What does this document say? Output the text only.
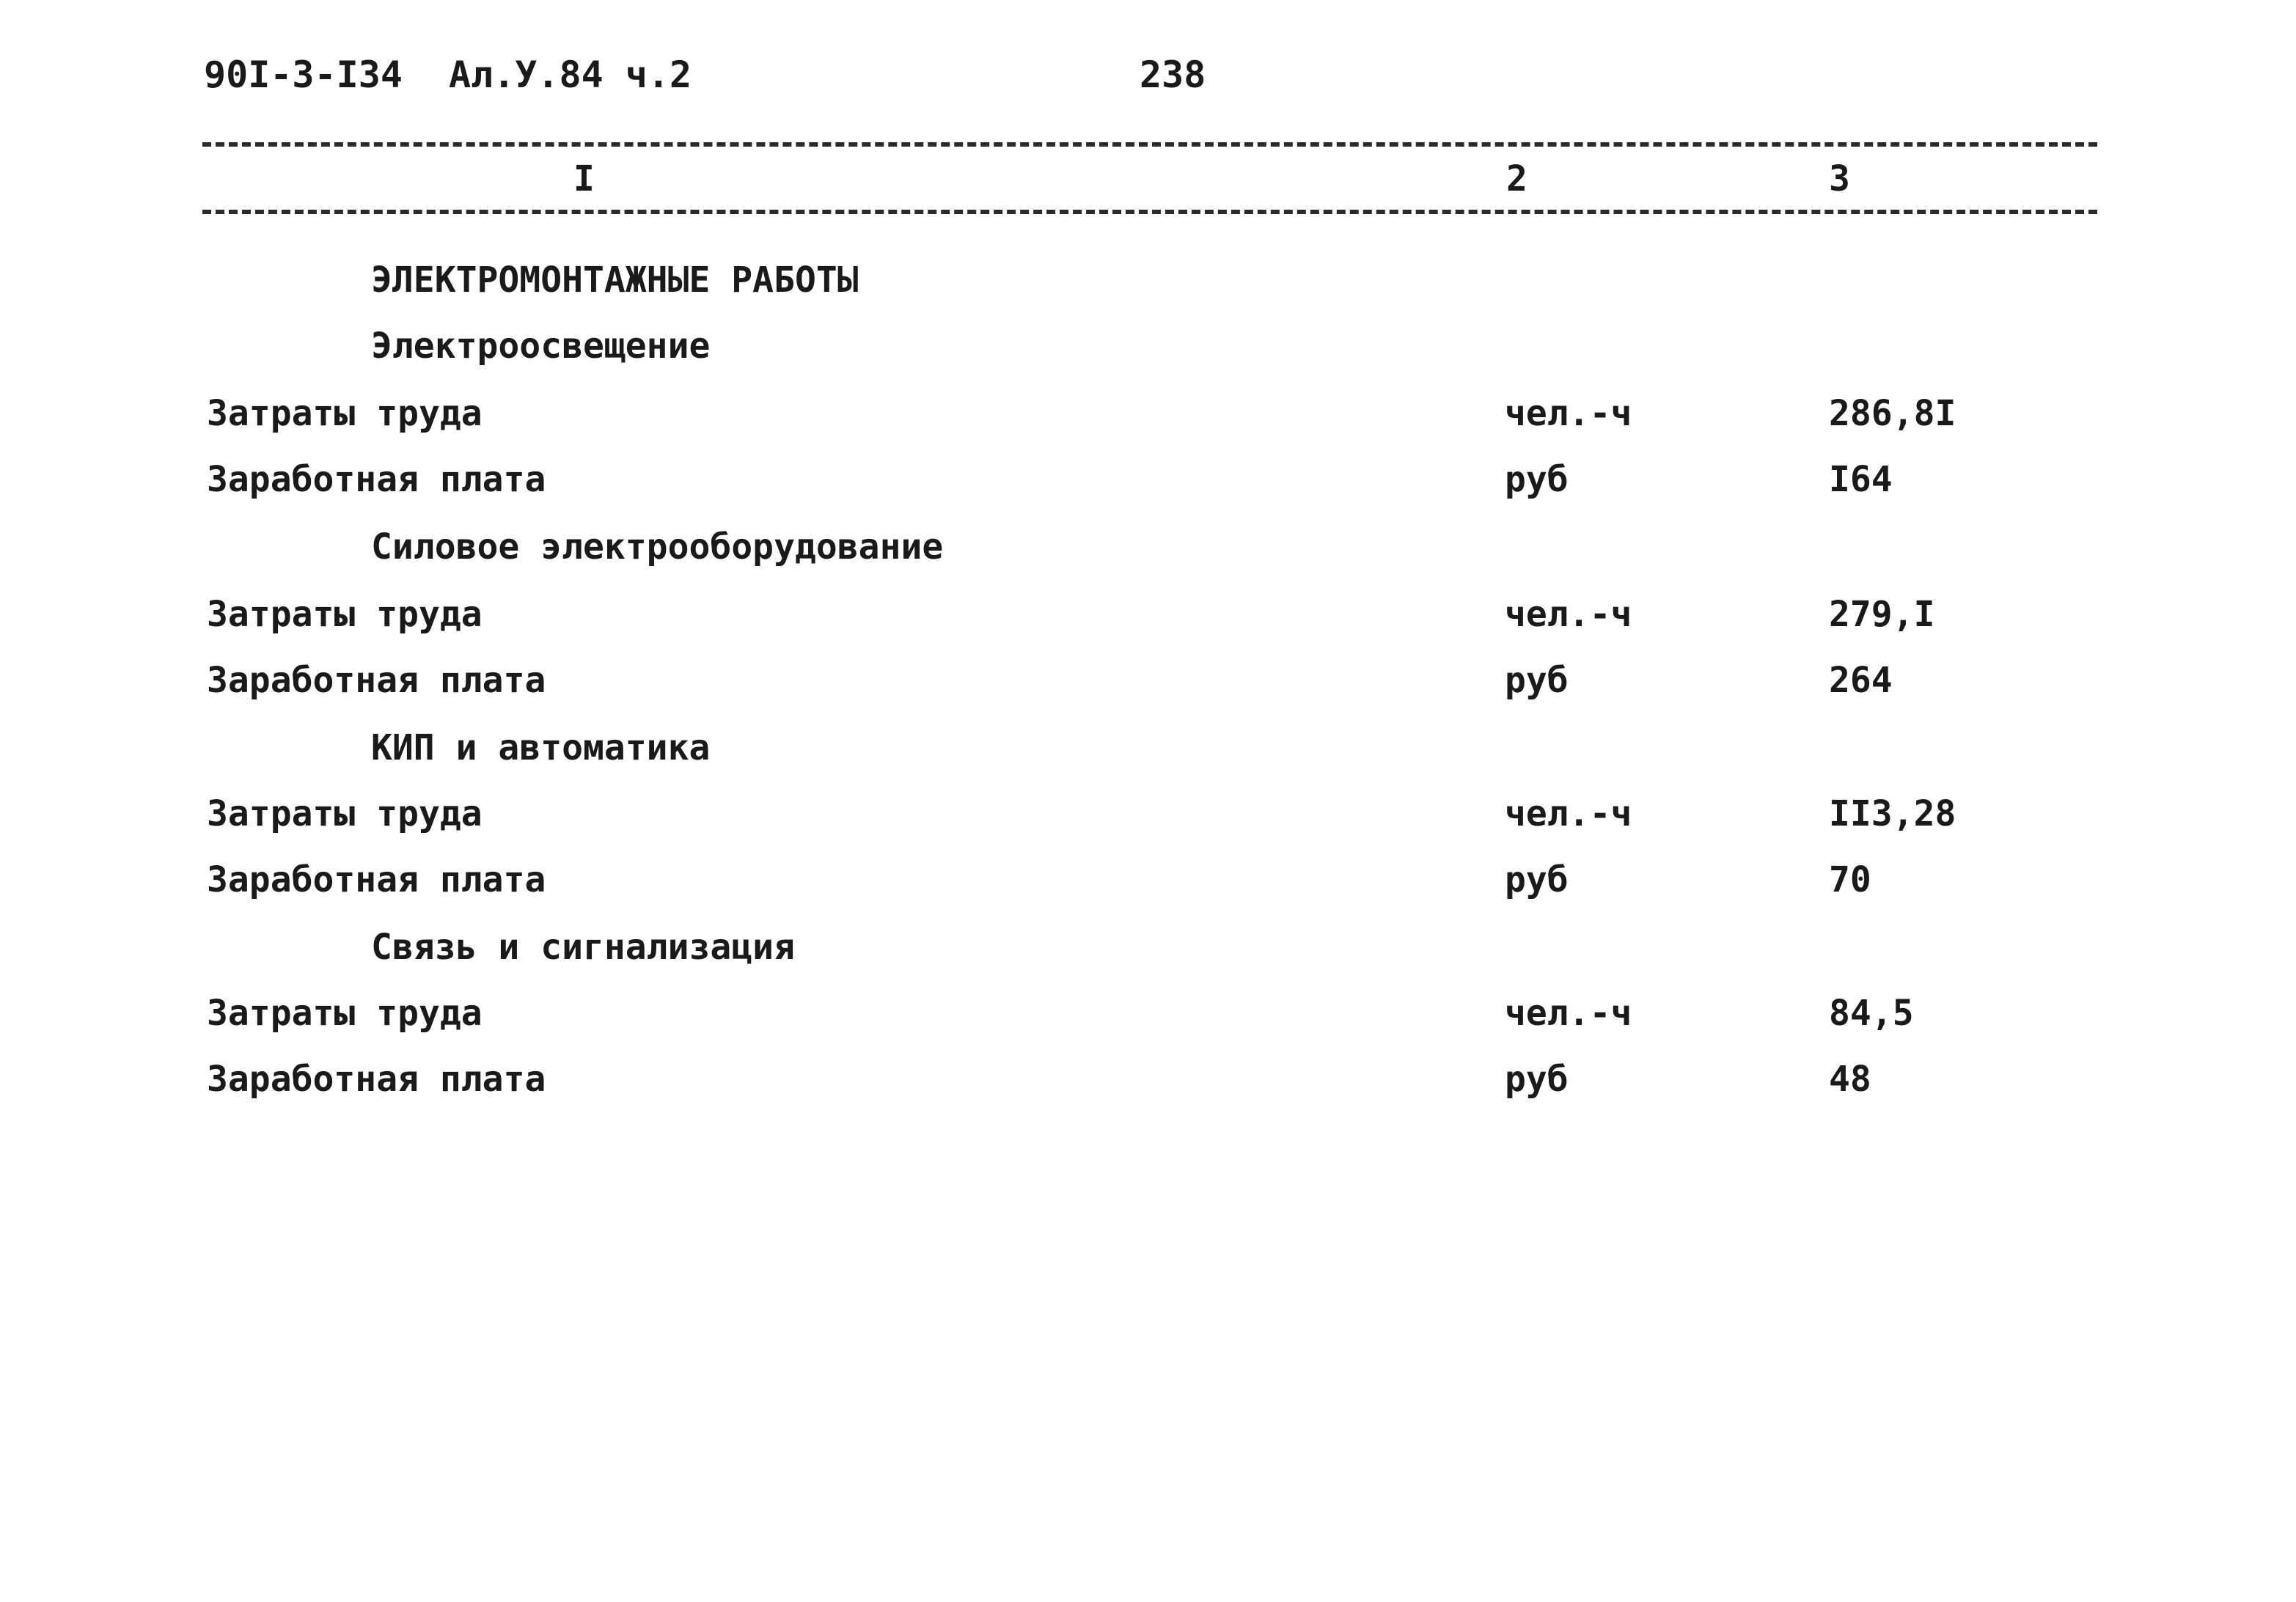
90I-3-I34 Ал.У.84 ч.2	238
I	2	3
ЭЛЕКТРОМОНТАЖНЫЕ РАБОТЫ
Электроосвещение
Затраты труда	чел.-ч	286,8I
Заработная плата	руб	I64
Силовое электрооборудование
Затраты труда	чел.-ч	279,I
Заработная плата	руб	264
КИП и автоматика
Затраты труда	чел.-ч	II3,28
Заработная плата	руб	70
Связь и сигнализация
Затраты труда	чел.-ч	84,5
Заработная плата	руб	48
